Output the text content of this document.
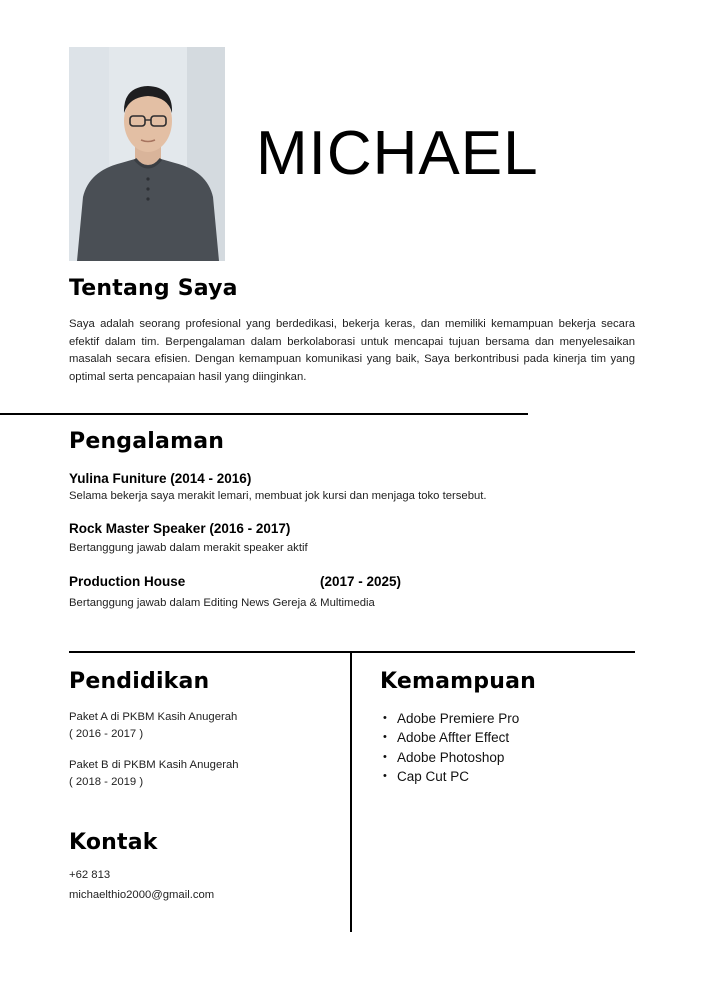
MICHAEL
Tentang Saya
Saya adalah seorang profesional yang berdedikasi, bekerja keras, dan memiliki kemampuan bekerja secara efektif dalam tim. Berpengalaman dalam berkolaborasi untuk mencapai tujuan bersama dan menyelesaikan masalah secara efisien. Dengan kemampuan komunikasi yang baik, Saya berkontribusi pada kinerja tim yang optimal serta pencapaian hasil yang diinginkan.
Pengalaman
Yulina Funiture (2014 - 2016)
Selama bekerja saya merakit lemari, membuat jok kursi dan menjaga toko tersebut.
Rock Master Speaker (2016 - 2017)
Bertanggung jawab dalam merakit speaker aktif
Production House	(2017 - 2025)
Bertanggung jawab dalam Editing News Gereja & Multimedia
Pendidikan
Paket A di PKBM Kasih Anugerah
( 2016 - 2017 )
Paket B di PKBM Kasih Anugerah
( 2018 - 2019 )
Kemampuan
• Adobe Premiere Pro
• Adobe Affter Effect
• Adobe Photoshop
• Cap Cut PC
Kontak
+62 813
michaelthio2000@gmail.com
